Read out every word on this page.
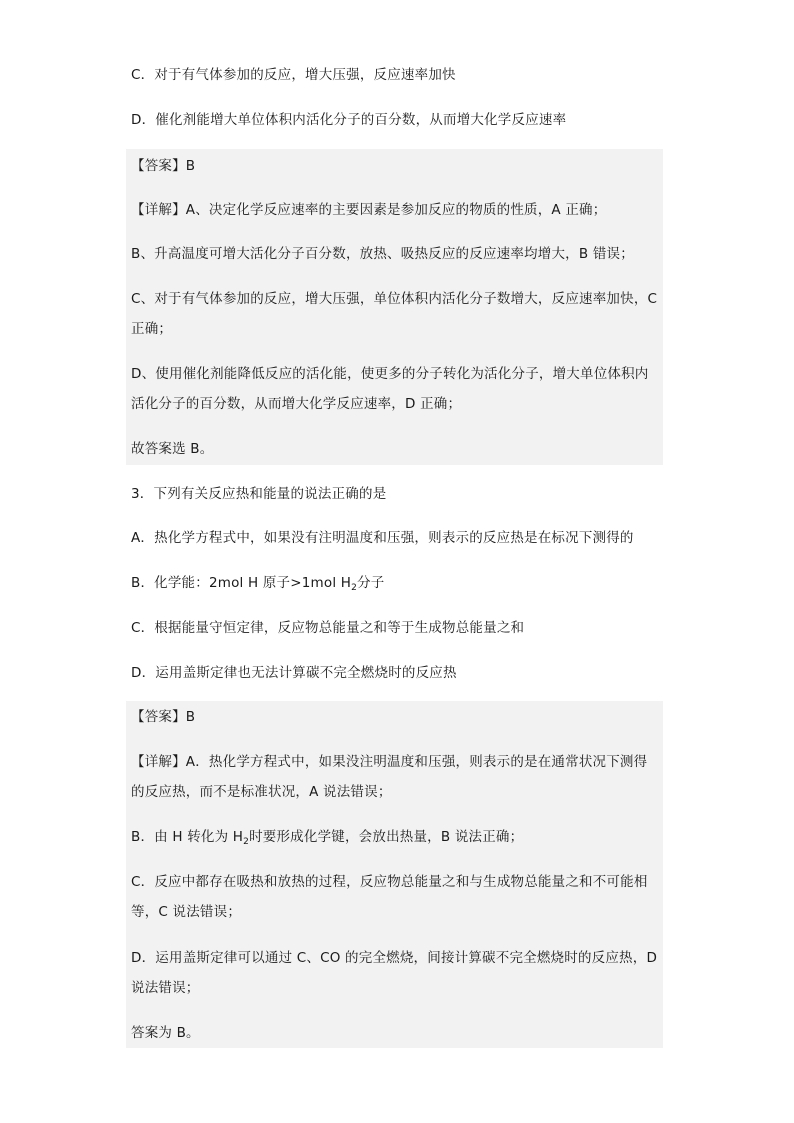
C．对于有气体参加的反应，增大压强，反应速率加快
D．催化剂能增大单位体积内活化分子的百分数，从而增大化学反应速率
【答案】B
【详解】A、决定化学反应速率的主要因素是参加反应的物质的性质，A 正确；
B、升高温度可增大活化分子百分数，放热、吸热反应的反应速率均增大，B 错误；
C、对于有气体参加的反应，增大压强，单位体积内活化分子数增大，反应速率加快，C
正确；
D、使用催化剂能降低反应的活化能，使更多的分子转化为活化分子，增大单位体积内
活化分子的百分数，从而增大化学反应速率，D 正确；
故答案选 B。
3．下列有关反应热和能量的说法正确的是
A．热化学方程式中，如果没有注明温度和压强，则表示的反应热是在标况下测得的
B．化学能：2mol H 原子>1mol $H_2$分子
C．根据能量守恒定律，反应物总能量之和等于生成物总能量之和
D．运用盖斯定律也无法计算碳不完全燃烧时的反应热
【答案】B
【详解】A．热化学方程式中，如果没注明温度和压强，则表示的是在通常状况下测得
的反应热，而不是标准状况，A 说法错误；
B．由 H 转化为 $H_2$时要形成化学键，会放出热量，B 说法正确；
C．反应中都存在吸热和放热的过程，反应物总能量之和与生成物总能量之和不可能相
等，C 说法错误；
D．运用盖斯定律可以通过 C、CO 的完全燃烧，间接计算碳不完全燃烧时的反应热，D
说法错误；
答案为 B。
